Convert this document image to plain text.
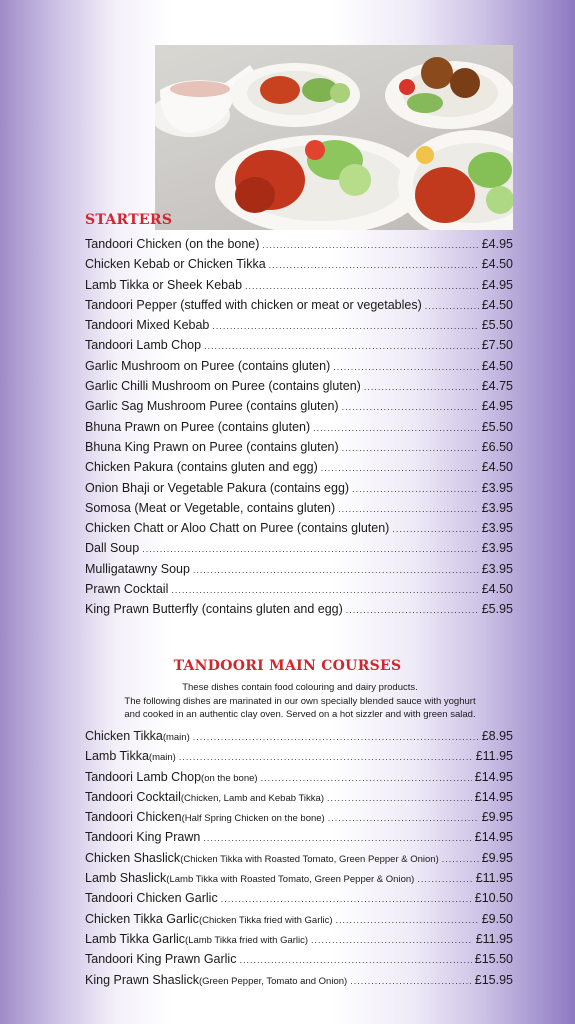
STARTERS
Tandoori Chicken (on the bone) .....	£4.95
Chicken Kebab or Chicken Tikka .....	£4.50
Lamb Tikka or Sheek Kebab .....	£4.95
Tandoori Pepper (stuffed with chicken or meat or vegetables) .....	£4.50
Tandoori Mixed Kebab .....	£5.50
Tandoori Lamb Chop .....	£7.50
Garlic Mushroom on Puree (contains gluten) .....	£4.50
Garlic Chilli Mushroom on Puree (contains gluten) .....	£4.75
Garlic Sag Mushroom Puree (contains gluten) .....	£4.95
Bhuna Prawn on Puree (contains gluten) .....	£5.50
Bhuna King Prawn on Puree (contains gluten) .....	£6.50
Chicken Pakura (contains gluten and egg) .....	£4.50
Onion Bhaji or Vegetable Pakura (contains egg) .....	£3.95
Somosa (Meat or Vegetable, contains gluten) .....	£3.95
Chicken Chatt or Aloo Chatt on Puree (contains gluten) .....	£3.95
Dall Soup .....	£3.95
Mulligatawny Soup .....	£3.95
Prawn Cocktail .....	£4.50
King Prawn Butterfly (contains gluten and egg) .....	£5.95
TANDOORI MAIN COURSES
These dishes contain food colouring and dairy products.
The following dishes are marinated in our own specially blended sauce with yoghurt
and cooked in an authentic clay oven. Served on a hot sizzler and with green salad.
Chicken Tikka (main) .....	£8.95
Lamb Tikka (main) .....	£11.95
Tandoori Lamb Chop (on the bone) .....	£14.95
Tandoori Cocktail (Chicken, Lamb and Kebab Tikka) .....	£14.95
Tandoori Chicken (Half Spring Chicken on the bone) .....	£9.95
Tandoori King Prawn .....	£14.95
Chicken Shaslick (Chicken Tikka with Roasted Tomato, Green Pepper & Onion) .....	£9.95
Lamb Shaslick (Lamb Tikka with Roasted Tomato, Green Pepper & Onion) .....	£11.95
Tandoori Chicken Garlic .....	£10.50
Chicken Tikka Garlic (Chicken Tikka fried with Garlic) .....	£9.50
Lamb Tikka Garlic (Lamb Tikka fried with Garlic) .....	£11.95
Tandoori King Prawn Garlic .....	£15.50
King Prawn Shaslick (Green Pepper, Tomato and Onion) .....	£15.95
